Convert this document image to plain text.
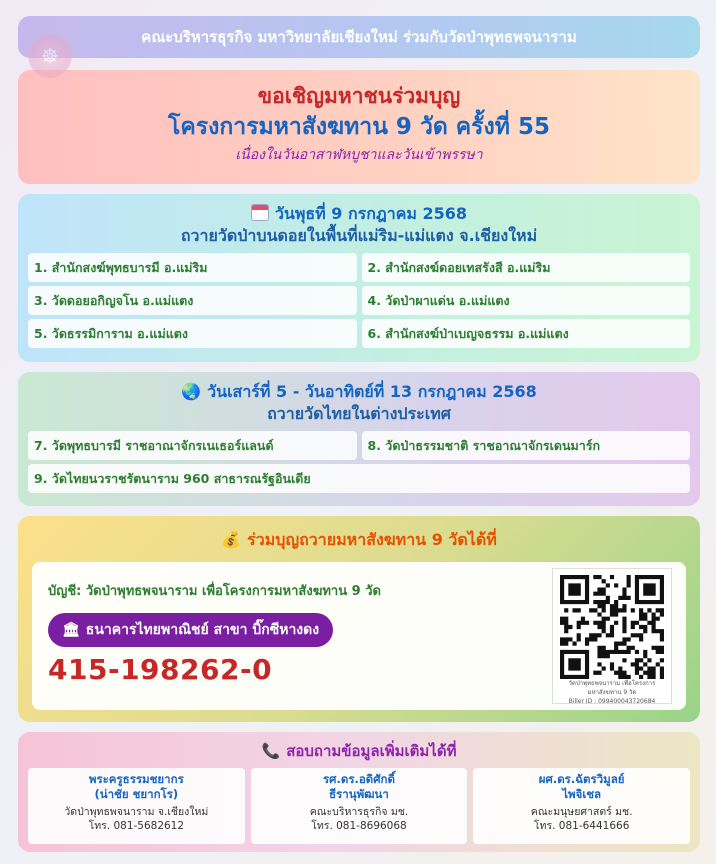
☸
คณะบริหารธุรกิจ มหาวิทยาลัยเชียงใหม่ ร่วมกับวัดป่าพุทธพจนาราม
ขอเชิญมหาชนร่วมบุญ
โครงการมหาสังฆทาน 9 วัด ครั้งที่ 55
เนื่องในวันอาสาฬหบูชาและวันเข้าพรรษา
วันพุธที่ 9 กรกฎาคม 2568
ถวายวัดป่าบนดอยในพื้นที่แม่ริม-แม่แตง จ.เชียงใหม่
1. สำนักสงฆ์พุทธบารมี อ.แม่ริม	2. สำนักสงฆ์ดอยเทสรังสี อ.แม่ริม
3. วัดดอยอกิญจโน อ.แม่แตง	4. วัดป่าผาแด่น อ.แม่แตง
5. วัดธรรมิการาม อ.แม่แตง	6. สำนักสงฆ์ป่าเบญจธรรม อ.แม่แตง
🌏 วันเสาร์ที่ 5 - วันอาทิตย์ที่ 13 กรกฎาคม 2568
ถวายวัดไทยในต่างประเทศ
7. วัดพุทธบารมี ราชอาณาจักรเนเธอร์แลนด์	8. วัดป่าธรรมชาติ ราชอาณาจักรเดนมาร์ก
9. วัดไทยนวราชรัตนาราม 960 สาธารณรัฐอินเดีย
💰 ร่วมบุญถวายมหาสังฆทาน 9 วัดได้ที่
บัญชี: วัดป่าพุทธพจนาราม เพื่อโครงการมหาสังฆทาน 9 วัด
🏛 ธนาคารไทยพาณิชย์ สาขา บิ๊กซีหางดง
415-198262-0	วัดป่าพุทธพจนาราม เพื่อโครงการ
มหาสังฆทาน 9 วัด
Biller ID : 099400043720684
📞 สอบถามข้อมูลเพิ่มเติมได้ที่
พระครูธรรมชยากร
(น่าชัย ชยากโร)
วัดป่าพุทธพจนาราม จ.เชียงใหม่
โทร. 081-5682612
รศ.ดร.อดิศักดิ์
ธีรานุพัฒนา
คณะบริหารธุรกิจ มช.
โทร. 081-8696068
ผศ.ดร.ฉัตรวิมูลย์
ไพจิเชล
คณะมนุษยศาสตร์ มช.
โทร. 081-6441666
